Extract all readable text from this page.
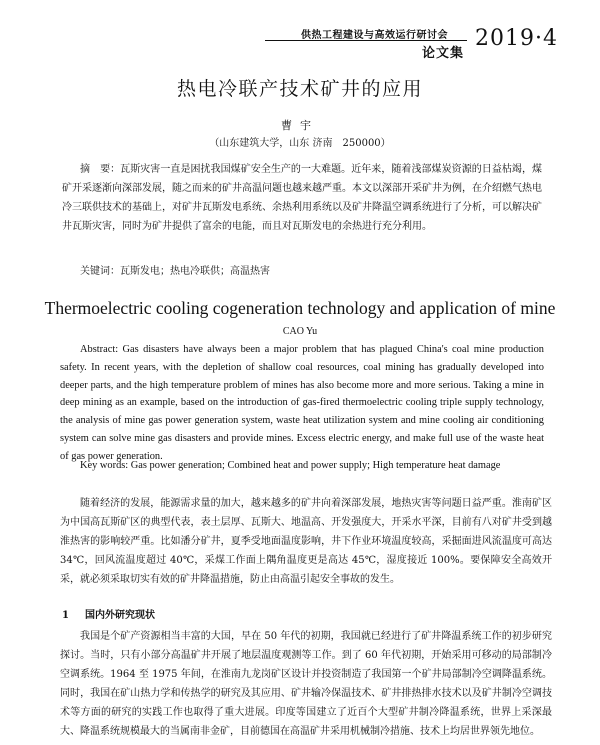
供热工程建设与高效运行研讨会
论文集
2019·4
热电冷联产技术矿井的应用
曹宇
（山东建筑大学，山东 济南　250000）

摘　要：瓦斯灾害一直是困扰我国煤矿安全生产的一大难题。近年来，随着浅部煤炭资源的日益枯竭，煤矿开采逐渐向深部发展，随之而来的矿井高温问题也越来越严重。本文以深部开采矿井为例，在介绍燃气热电冷三联供技术的基础上，对矿井瓦斯发电系统、余热利用系统以及矿井降温空调系统进行了分析，可以解决矿井瓦斯灾害，同时为矿井提供了富余的电能，而且对瓦斯发电的余热进行充分利用。

关键词：瓦斯发电；热电冷联供；高温热害
Thermoelectric cooling cogeneration technology and application of mine
CAO Yu

Abstract: Gas disasters have always been a major problem that has plagued China's coal mine production safety. In recent years, with the depletion of shallow coal resources, coal mining has gradually developed into deeper parts, and the high temperature problem of mines has also become more and more serious. Taking a mine in deep mining as an example, based on the introduction of gas-fired thermoelectric cooling triple supply technology, the analysis of mine gas power generation system, waste heat utilization system and mine cooling air conditioning system can solve mine gas disasters and provide mines. Excess electric energy, and make full use of the waste heat of gas power generation.

Key words: Gas power generation; Combined heat and power supply; High temperature heat damage

随着经济的发展，能源需求量的加大，越来越多的矿井向着深部发展，地热灾害等问题日益严重。淮南矿区为中国高瓦斯矿区的典型代表，表土层厚、瓦斯大、地温高、开发强度大，开采水平深，目前有八对矿井受到越淮热害的影响较严重。比如潘分矿井，夏季受地面温度影响，井下作业环境温度较高，采掘面进风流温度可高达 34℃，回风流温度超过 40℃，采煤工作面上隅角温度更是高达 45℃，湿度接近 100%。要保障安全高效开采，就必须采取切实有效的矿井降温措施，防止由高温引起安全事故的发生。

1 国内外研究现状

我国是个矿产资源相当丰富的大国，早在 50 年代的初期，我国就已经进行了矿井降温系统工作的初步研究探讨。当时，只有小部分高温矿井开展了地层温度观测等工作。到了 60 年代初期，开始采用可移动的局部制冷空调系统。1964 至 1975 年间，在淮南九龙岗矿区设计并投资制造了我国第一个矿井局部制冷空调降温系统。同时，我国在矿山热力学和传热学的研究及其应用、矿井输冷保温技术、矿井排热排水技术以及矿井制冷空调技术等方面的研究的实践工作也取得了重大进展。印度等国建立了近百个大型矿井制冷降温系统，世界上采深最大、降温系统规模最大的当属南非金矿，目前德国在高温矿井采用机械制冷措施、技术上均居世界领先地位。
